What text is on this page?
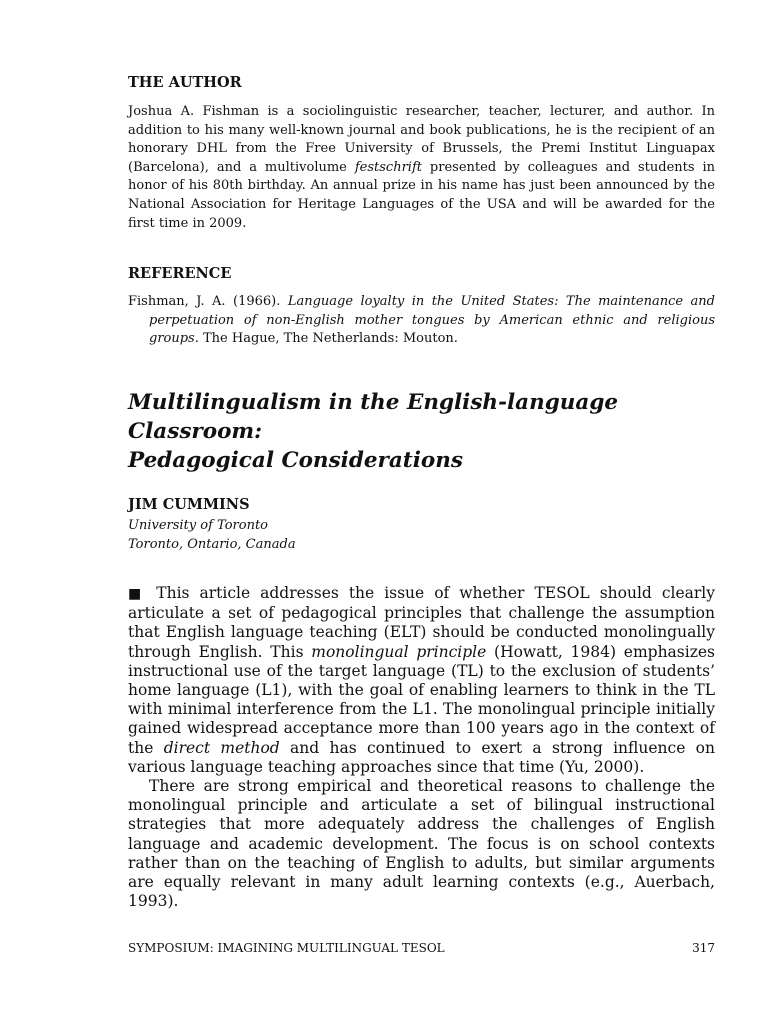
THE AUTHOR

Joshua A. Fishman is a sociolinguistic researcher, teacher, lecturer, and author. In addition to his many well-known journal and book publications, he is the recipient of an honorary DHL from the Free University of Brussels, the Premi Institut Linguapax (Barcelona), and a multivolume festschrift presented by colleagues and students in honor of his 80th birthday. An annual prize in his name has just been announced by the National Association for Heritage Languages of the USA and will be awarded for the first time in 2009.

REFERENCE

Fishman, J. A. (1966). Language loyalty in the United States: The maintenance and perpetuation of non-English mother tongues by American ethnic and religious groups. The Hague, The Netherlands: Mouton.

Multilingualism in the English-language Classroom:
Pedagogical Considerations

JIM CUMMINS

University of Toronto

Toronto, Ontario, Canada

■ This article addresses the issue of whether TESOL should clearly articulate a set of pedagogical principles that challenge the assumption that English language teaching (ELT) should be conducted monolingually through English. This monolingual principle (Howatt, 1984) emphasizes instructional use of the target language (TL) to the exclusion of students’ home language (L1), with the goal of enabling learners to think in the TL with minimal interference from the L1. The monolingual principle initially gained widespread acceptance more than 100 years ago in the context of the direct method and has continued to exert a strong influence on various language teaching approaches since that time (Yu, 2000).

There are strong empirical and theoretical reasons to challenge the monolingual principle and articulate a set of bilingual instructional strategies that more adequately address the challenges of English language and academic development. The focus is on school contexts rather than on the teaching of English to adults, but similar arguments are equally relevant in many adult learning contexts (e.g., Auerbach, 1993).

SYMPOSIUM: IMAGINING MULTILINGUAL TESOL	317
